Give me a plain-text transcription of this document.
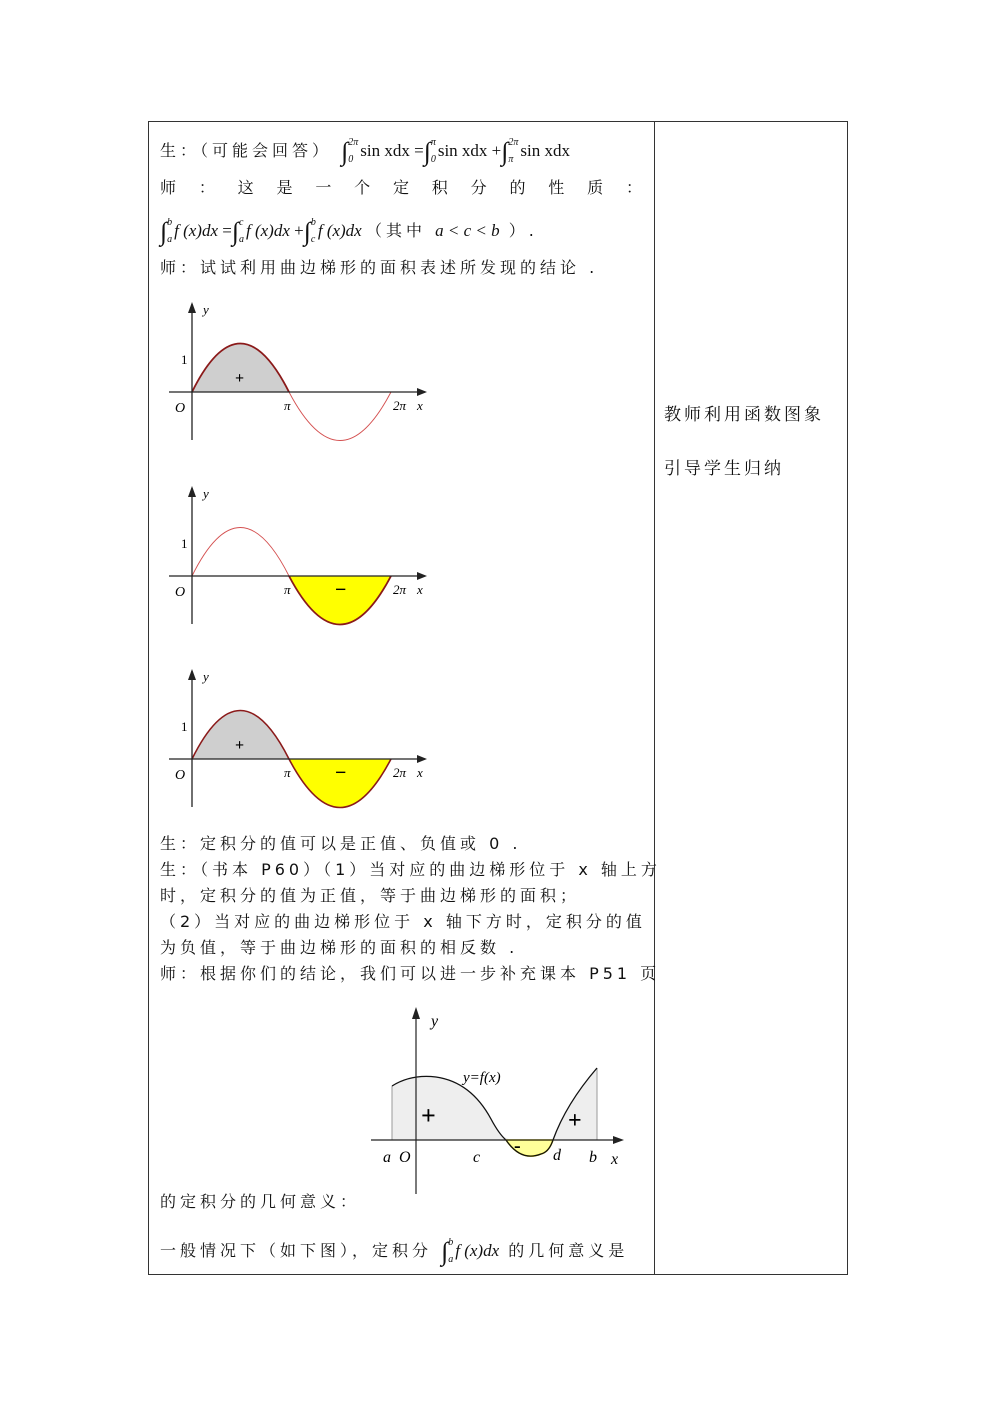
生：（可能会回答） ∫ 2π
0 sin xdx =∫ π
0 sin xdx +∫ 2π
π sin xdx
师 ： 这 是 一 个 定 积 分 的 性 质 ：
∫ b
a f (x)dx =∫ c
a f (x)dx +∫ b
c f (x)dx （其中 a < c < b ）.
师：试试利用曲边梯形的面积表述所发现的结论 .
y
1
O	π	2π x
+
y
1
O	π	2π x
−
y
1
O	π	2π x
+
−
生：定积分的值可以是正值、负值或 0 .
生：（书本 P60）（1）当对应的曲边梯形位于 x 轴上方
时，定积分的值为正值，等于曲边梯形的面积；
（2）当对应的曲边梯形位于 x 轴下方时，定积分的值
为负值，等于曲边梯形的面积的相反数 .
师：根据你们的结论，我们可以进一步补充课本 P51 页
y
y=f(x)
+
-
+
a O	c	d b x
的定积分的几何意义：
一般情况下（如下图），定积分 ∫ b
a f (x)dx 的几何意义是
教师利用函数图象
引导学生归纳
